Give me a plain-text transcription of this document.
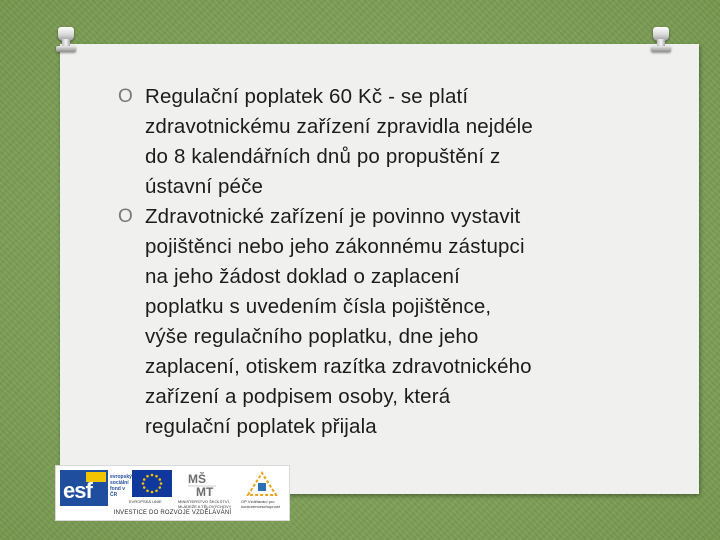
O Regulační poplatek 60 Kč - se platí
zdravotnickému zařízení zpravidla nejdéle
do 8 kalendářních dnů po propuštění z
ústavní péče
O Zdravotnické zařízení je povinno vystavit
pojištěnci nebo jeho zákonnému zástupci
na jeho žádost doklad o zaplacení
poplatku s uvedením čísla pojištěnce,
výše regulačního poplatku, dne jeho
zaplacení, otiskem razítka zdravotnického
zařízení a podpisem osoby, která
regulační poplatek přijala
esf
evropský sociální fond v ČR
EVROPSKÁ UNIE
MŠ
MT
MINISTERSTVO ŠKOLSTVÍ, MLÁDEŽE A TĚLOVÝCHOVY
OP Vzdělávání pro konkurenceschopnost
INVESTICE DO ROZVOJE VZDĚLÁVÁNÍ
